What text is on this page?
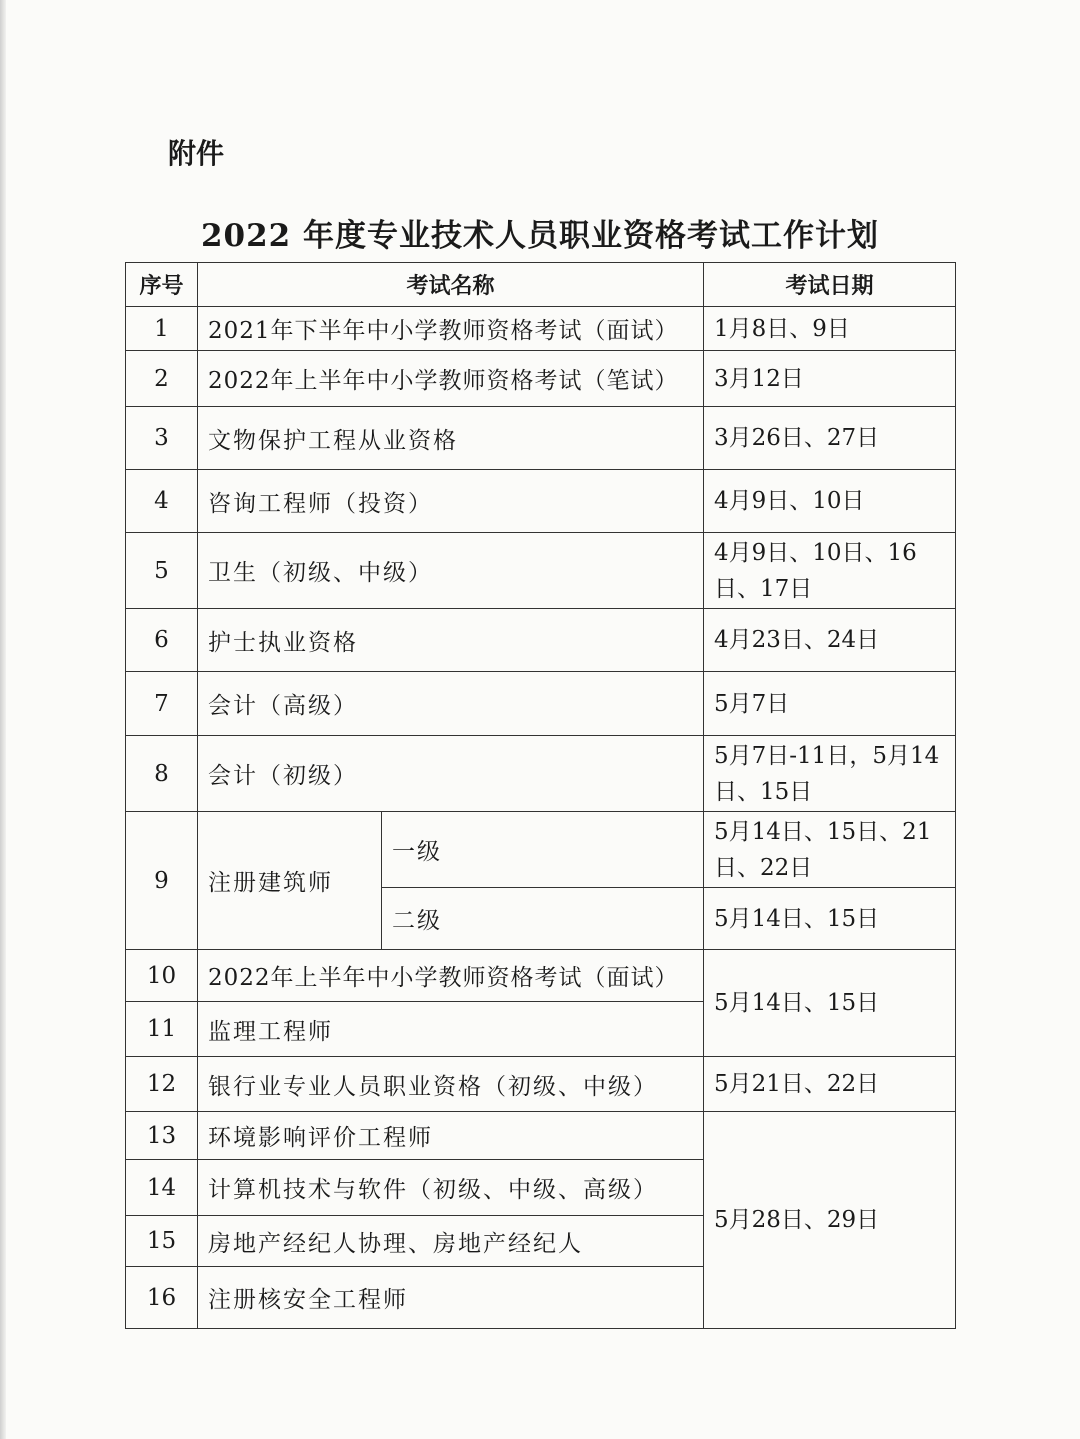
附件
2022 年度专业技术人员职业资格考试工作计划
序号	考试名称		考试日期
1	2021年下半年中小学教师资格考试（面试）		1月8日、9日
2	2022年上半年中小学教师资格考试（笔试）		3月12日
3	文物保护工程从业资格		3月26日、27日
4	咨询工程师（投资）		4月9日、10日
5	卫生（初级、中级）		4月9日、10日、16日、17日
6	护士执业资格		4月23日、24日
7	会计（高级）		5月7日
8	会计（初级）		5月7日-11日，5月14日、15日
9	注册建筑师	一级	5月14日、15日、21日、22日
		二级	5月14日、15日
10	2022年上半年中小学教师资格考试（面试）		5月14日、15日
11	监理工程师		
12	银行业专业人员职业资格（初级、中级）		5月21日、22日
13	环境影响评价工程师		5月28日、29日
14	计算机技术与软件（初级、中级、高级）		
15	房地产经纪人协理、房地产经纪人		
16	注册核安全工程师		
